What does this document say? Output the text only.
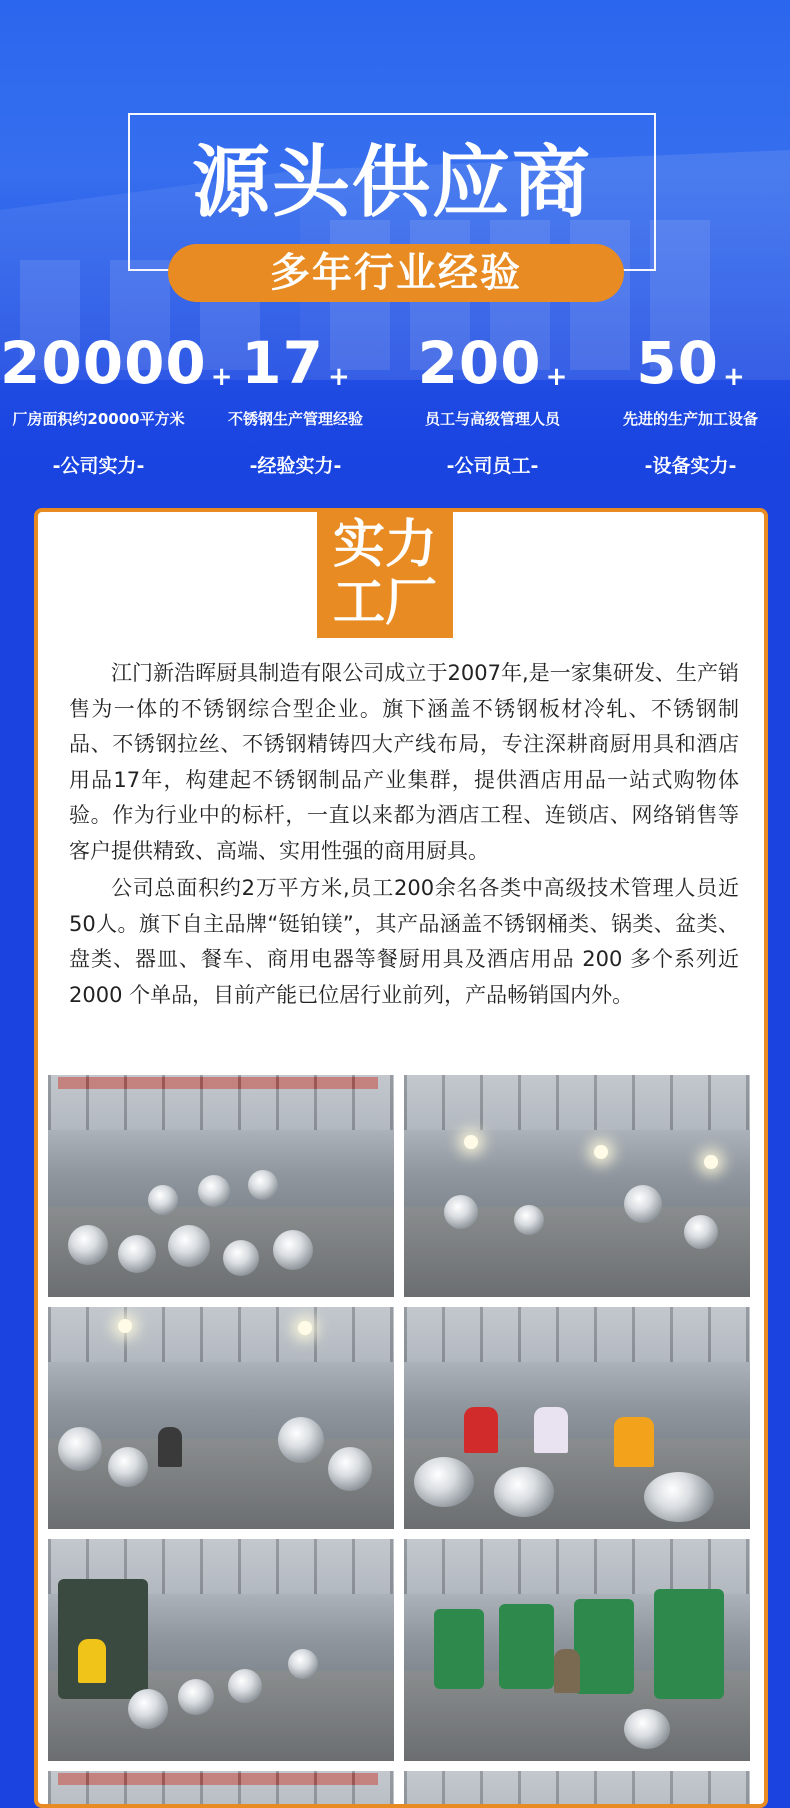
源头供应商
多年行业经验
20000 +
厂房面积约20000平方米
-公司实力-
17 +
不锈钢生产管理经验
-经验实力-
200 +
员工与高级管理人员
-公司员工-
50 +
先进的生产加工设备
-设备实力-
实力
工厂

江门新浩晖厨具制造有限公司成立于2007年,是一家集研发、生产销售为一体的不锈钢综合型企业。旗下涵盖不锈钢板材冷轧、不锈钢制品、不锈钢拉丝、不锈钢精铸四大产线布局，专注深耕商厨用具和酒店用品17年，构建起不锈钢制品产业集群，提供酒店用品一站式购物体验。作为行业中的标杆，一直以来都为酒店工程、连锁店、网络销售等客户提供精致、高端、实用性强的商用厨具。

公司总面积约2万平方米,员工200余名各类中高级技术管理人员近50人。旗下自主品牌“铤铂镁”，其产品涵盖不锈钢桶类、锅类、盆类、盘类、器皿、餐车、商用电器等餐厨用具及酒店用品 200 多个系列近 2000 个单品，目前产能已位居行业前列，产品畅销国内外。
